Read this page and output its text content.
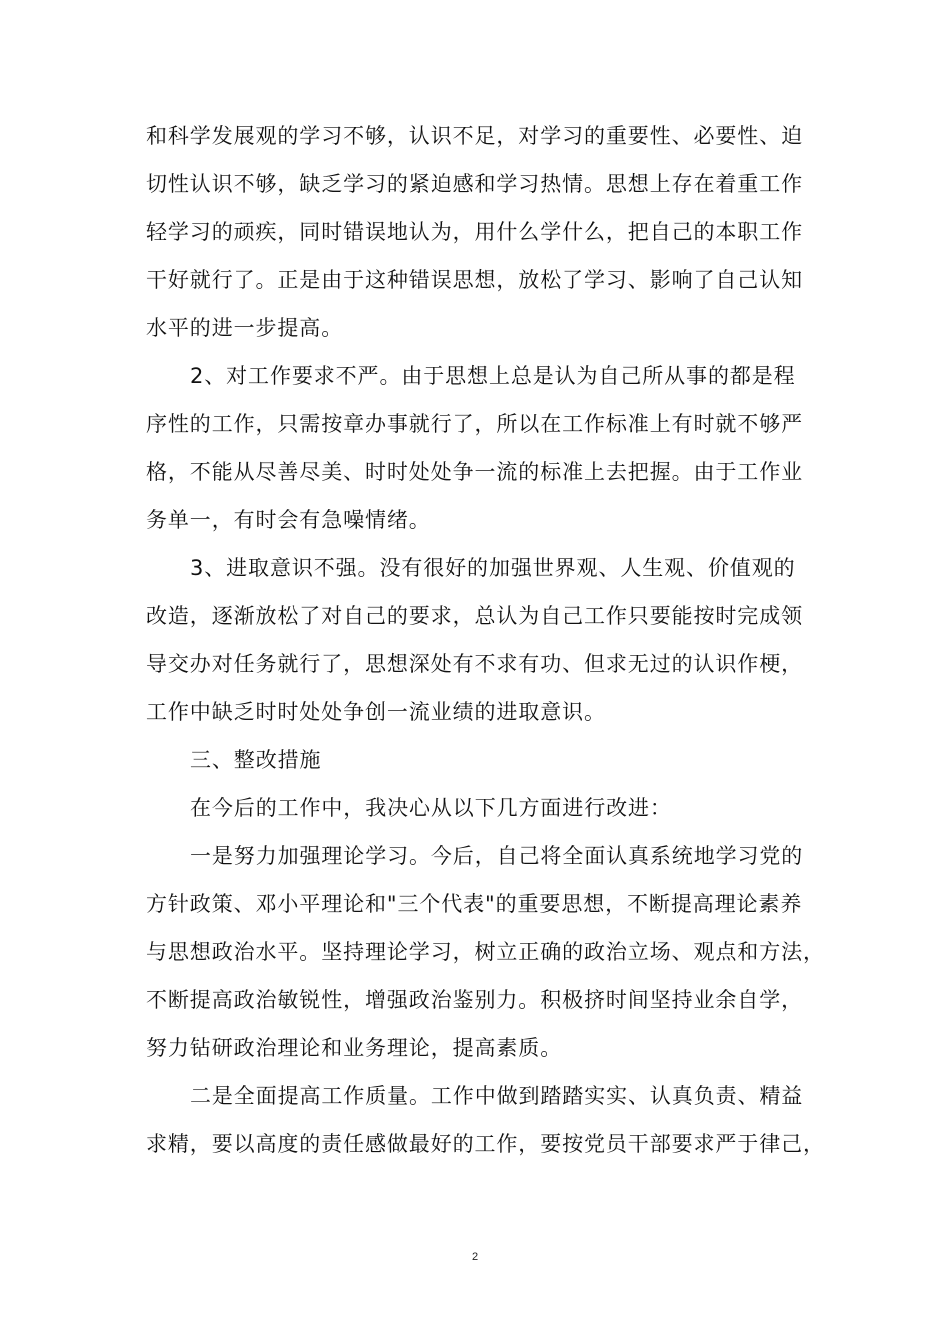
和科学发展观的学习不够，认识不足，对学习的重要性、必要性、迫
切性认识不够，缺乏学习的紧迫感和学习热情。思想上存在着重工作
轻学习的顽疾，同时错误地认为，用什么学什么，把自己的本职工作
干好就行了。正是由于这种错误思想，放松了学习、影响了自己认知
水平的进一步提高。
2、对工作要求不严。由于思想上总是认为自己所从事的都是程
序性的工作，只需按章办事就行了，所以在工作标准上有时就不够严
格，不能从尽善尽美、时时处处争一流的标准上去把握。由于工作业
务单一，有时会有急噪情绪。
3、进取意识不强。没有很好的加强世界观、人生观、价值观的
改造，逐渐放松了对自己的要求，总认为自己工作只要能按时完成领
导交办对任务就行了，思想深处有不求有功、但求无过的认识作梗，
工作中缺乏时时处处争创一流业绩的进取意识。
三、整改措施
在今后的工作中，我决心从以下几方面进行改进：
一是努力加强理论学习。今后，自己将全面认真系统地学习党的
方针政策、邓小平理论和"三个代表"的重要思想，不断提高理论素养
与思想政治水平。坚持理论学习，树立正确的政治立场、观点和方法，
不断提高政治敏锐性，增强政治鉴别力。积极挤时间坚持业余自学，
努力钻研政治理论和业务理论，提高素质。
二是全面提高工作质量。工作中做到踏踏实实、认真负责、精益
求精，要以高度的责任感做最好的工作，要按党员干部要求严于律己，
2
